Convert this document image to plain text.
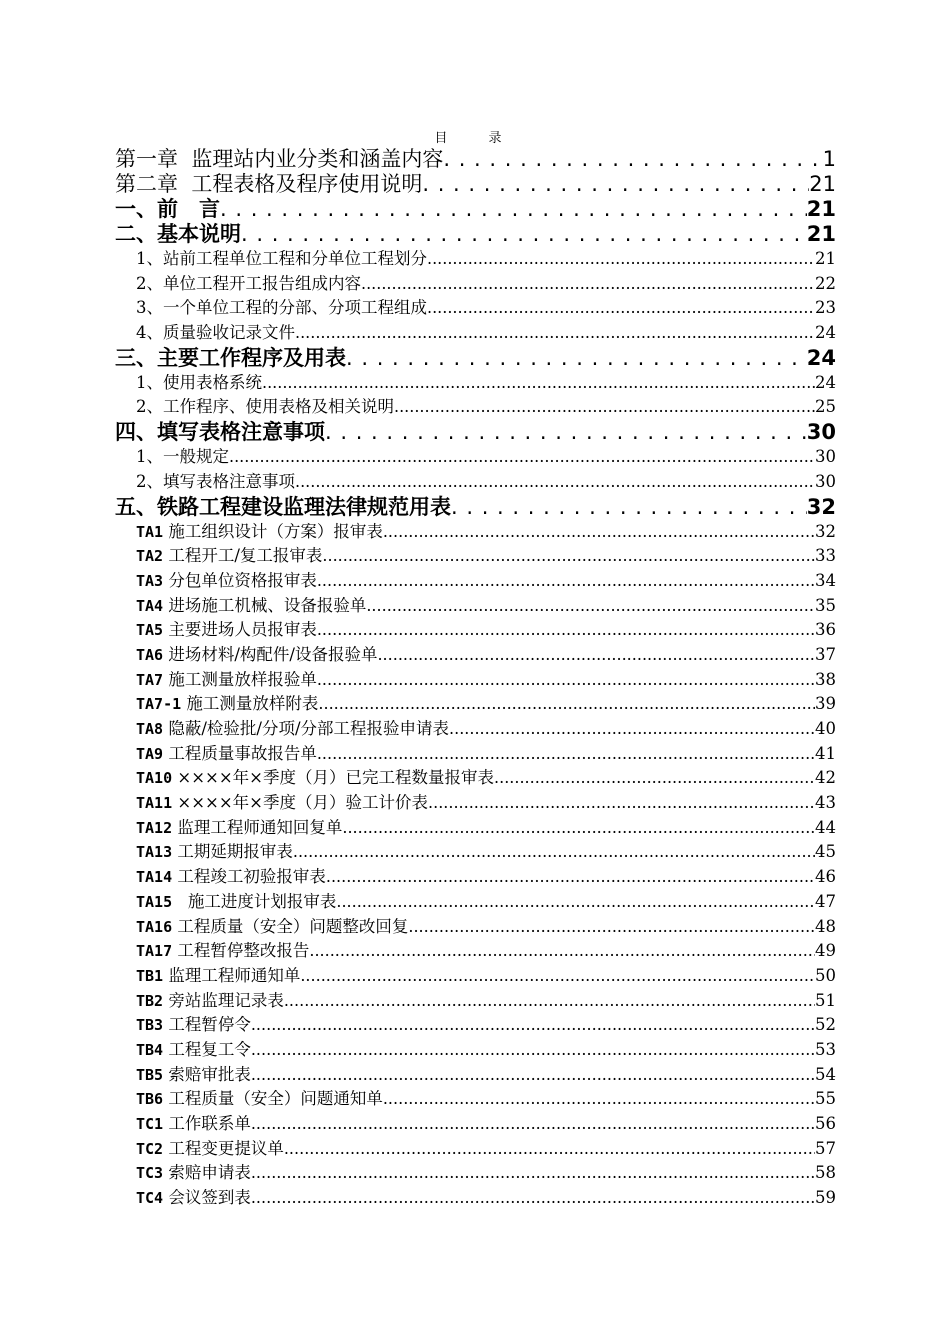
目　录
第一章  监理站内业分类和涵盖内容 . . .	1
第二章  工程表格及程序使用说明 . . .	21
一、前　言 . . .	21
二、基本说明 . . .	21
1、站前工程单位工程和分单位工程划分 .....	21
2、单位工程开工报告组成内容 .....	22
3、一个单位工程的分部、分项工程组成 .....	23
4、质量验收记录文件 .....	24
三、主要工作程序及用表 . . .	24
1、使用表格系统 .....	24
2、工作程序、使用表格及相关说明 .....	25
四、填写表格注意事项 . . .	30
1、一般规定 .....	30
2、填写表格注意事项 .....	30
五、铁路工程建设监理法律规范用表 . . .	32
TA1 施工组织设计（方案）报审表 .....	32
TA2 工程开工/复工报审表 .....	33
TA3 分包单位资格报审表 .....	34
TA4 进场施工机械、设备报验单 .....	35
TA5 主要进场人员报审表 .....	36
TA6 进场材料/构配件/设备报验单 .....	37
TA7 施工测量放样报验单 .....	38
TA7-1 施工测量放样附表 .....	39
TA8 隐蔽/检验批/分项/分部工程报验申请表 .....	40
TA9 工程质量事故报告单 .....	41
TA10 ××××年×季度（月）已完工程数量报审表 .....	42
TA11 ××××年×季度（月）验工计价表 .....	43
TA12 监理工程师通知回复单 .....	44
TA13 工期延期报审表 .....	45
TA14 工程竣工初验报审表 .....	46
TA15   施工进度计划报审表 .....	47
TA16 工程质量（安全）问题整改回复 .....	48
TA17 工程暂停整改报告 .....	49
TB1 监理工程师通知单 .....	50
TB2 旁站监理记录表 .....	51
TB3 工程暂停令 .....	52
TB4 工程复工令 .....	53
TB5 索赔审批表 .....	54
TB6 工程质量（安全）问题通知单 .....	55
TC1 工作联系单 .....	56
TC2 工程变更提议单 .....	57
TC3 索赔申请表 .....	58
TC4 会议签到表 .....	59
